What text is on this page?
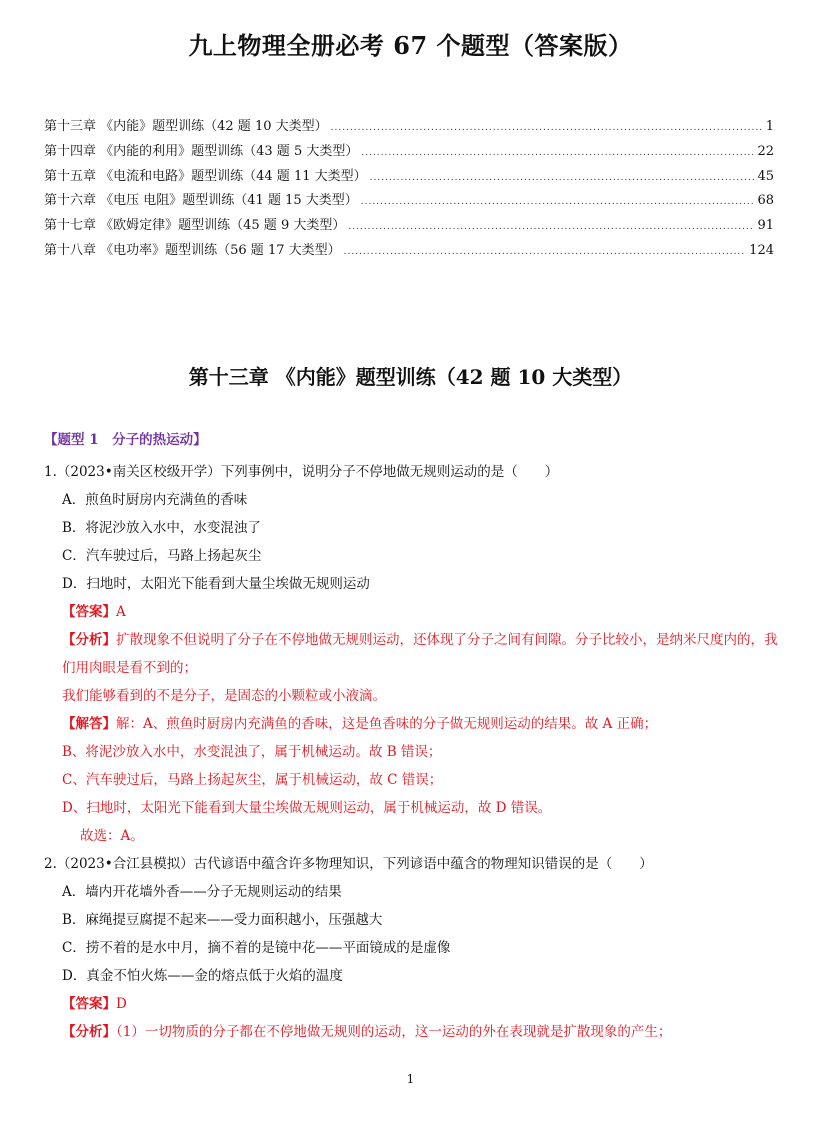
九上物理全册必考 67 个题型（答案版）
第十三章 《内能》题型训练（42 题 10 大类型） .....	1
第十四章 《内能的利用》题型训练（43 题 5 大类型） .....	22
第十五章 《电流和电路》题型训练（44 题 11 大类型） .....	45
第十六章 《电压 电阻》题型训练（41 题 15 大类型） .....	68
第十七章 《欧姆定律》题型训练（45 题 9 大类型） .....	91
第十八章 《电功率》题型训练（56 题 17 大类型） .....	124
第十三章 《内能》题型训练（42 题 10 大类型）
【题型 1　分子的热运动】
1.（2023•南关区校级开学）下列事例中，说明分子不停地做无规则运动的是（　　）
A．煎鱼时厨房内充满鱼的香味
B．将泥沙放入水中，水变混浊了
C．汽车驶过后，马路上扬起灰尘
D．扫地时，太阳光下能看到大量尘埃做无规则运动
【答案】A
【分析】扩散现象不但说明了分子在不停地做无规则运动，还体现了分子之间有间隙。分子比较小，是纳米尺度内的，我们用肉眼是看不到的；
我们能够看到的不是分子，是固态的小颗粒或小液滴。
【解答】解：A、煎鱼时厨房内充满鱼的香味，这是鱼香味的分子做无规则运动的结果。故 A 正确；
B、将泥沙放入水中，水变混浊了，属于机械运动。故 B 错误；
C、汽车驶过后，马路上扬起灰尘，属于机械运动，故 C 错误；
D、扫地时，太阳光下能看到大量尘埃做无规则运动，属于机械运动，故 D 错误。
故选：A。
2.（2023•合江县模拟）古代谚语中蕴含许多物理知识，下列谚语中蕴含的物理知识错误的是（　　）
A．墙内开花墙外香——分子无规则运动的结果
B．麻绳提豆腐提不起来——受力面积越小，压强越大
C．捞不着的是水中月，摘不着的是镜中花——平面镜成的是虚像
D．真金不怕火炼——金的熔点低于火焰的温度
【答案】D
【分析】（1）一切物质的分子都在不停地做无规则的运动，这一运动的外在表现就是扩散现象的产生；
1
